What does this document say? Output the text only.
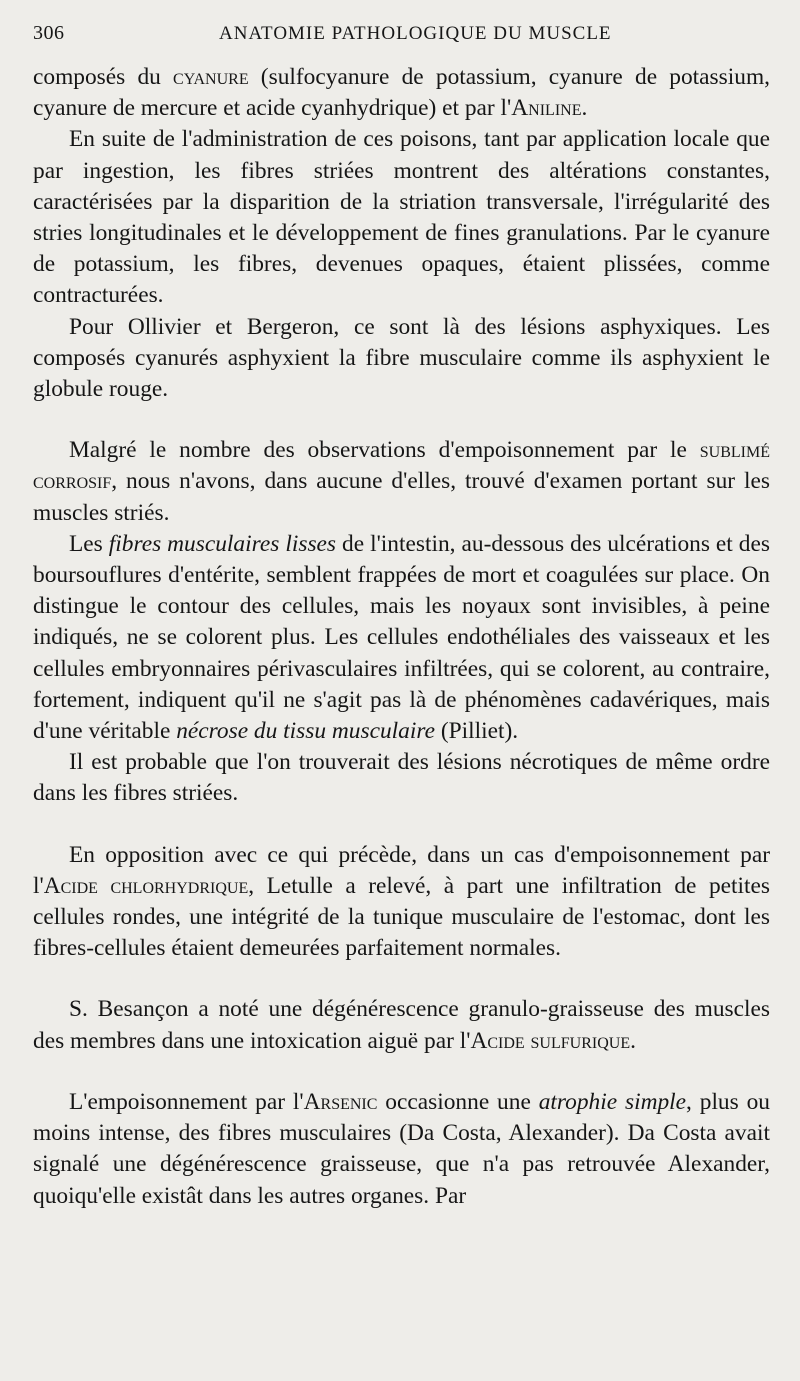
306	ANATOMIE PATHOLOGIQUE DU MUSCLE

composés du cyanure (sulfocyanure de potassium, cyanure de potassium, cyanure de mercure et acide cyanhydrique) et par l'Aniline.

En suite de l'administration de ces poisons, tant par application locale que par ingestion, les fibres striées montrent des altérations constantes, caractérisées par la disparition de la striation transversale, l'irrégularité des stries longitudinales et le développement de fines granulations. Par le cyanure de potassium, les fibres, devenues opaques, étaient plissées, comme contracturées.

Pour Ollivier et Bergeron, ce sont là des lésions asphyxiques. Les composés cyanurés asphyxient la fibre musculaire comme ils asphyxient le globule rouge.

Malgré le nombre des observations d'empoisonnement par le sublimé corrosif, nous n'avons, dans aucune d'elles, trouvé d'examen portant sur les muscles striés.

Les fibres musculaires lisses de l'intestin, au-dessous des ulcérations et des boursouflures d'entérite, semblent frappées de mort et coagulées sur place. On distingue le contour des cellules, mais les noyaux sont invisibles, à peine indiqués, ne se colorent plus. Les cellules endothéliales des vaisseaux et les cellules embryonnaires périvasculaires infiltrées, qui se colorent, au contraire, fortement, indiquent qu'il ne s'agit pas là de phénomènes cadavériques, mais d'une véritable nécrose du tissu musculaire (Pilliet).

Il est probable que l'on trouverait des lésions nécrotiques de même ordre dans les fibres striées.

En opposition avec ce qui précède, dans un cas d'empoisonnement par l'Acide chlorhydrique, Letulle a relevé, à part une infiltration de petites cellules rondes, une intégrité de la tunique musculaire de l'estomac, dont les fibres-cellules étaient demeurées parfaitement normales.

S. Besançon a noté une dégénérescence granulo-graisseuse des muscles des membres dans une intoxication aiguë par l'Acide sulfurique.

L'empoisonnement par l'Arsenic occasionne une atrophie simple, plus ou moins intense, des fibres musculaires (Da Costa, Alexander). Da Costa avait signalé une dégénérescence graisseuse, que n'a pas retrouvée Alexander, quoiqu'elle existât dans les autres organes. Par
